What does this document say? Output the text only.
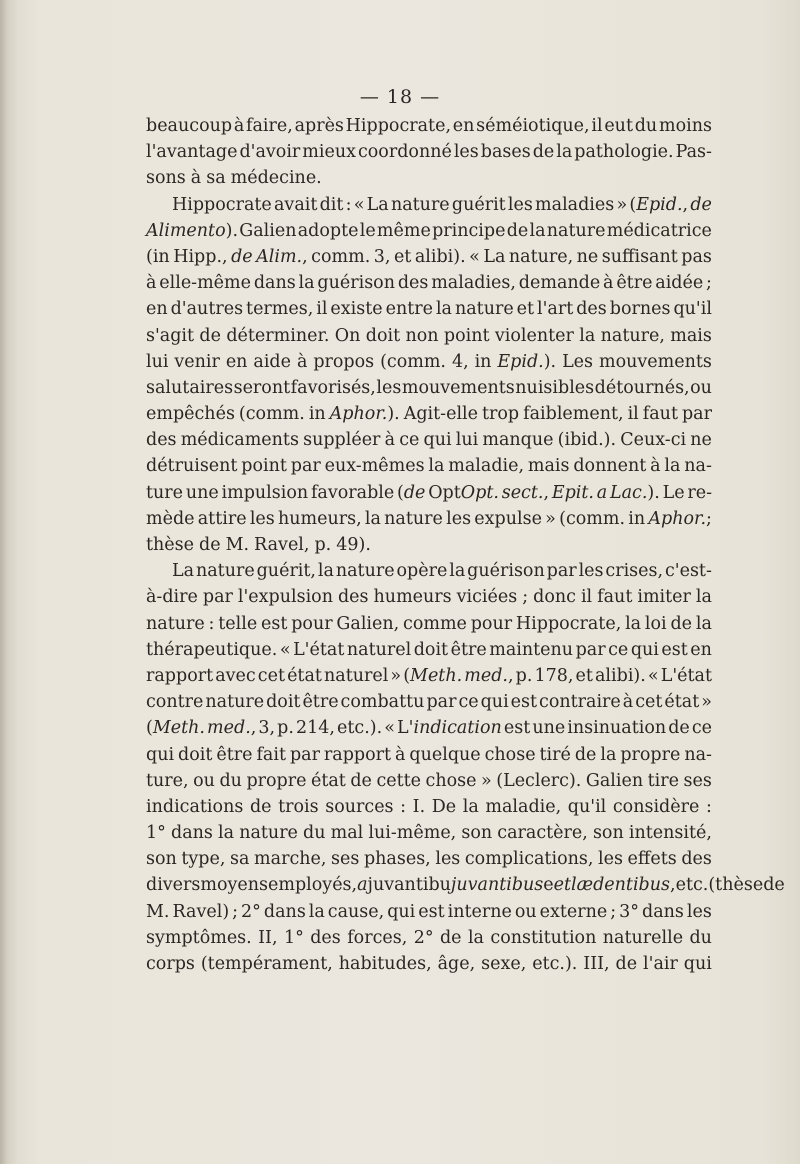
— 18 —
beaucoup à faire, après Hippocrate, en séméiotique, il eut du moins
l'avantage d'avoir mieux coordonné les bases de la pathologie. Pas-
sons à sa médecine.
Hippocrate avait dit : « La nature guérit les maladies » (Epid., de
Alimento). Galien adopte le même principe de la nature médicatrice
(in Hipp., de Alim., comm. 3, et alibi). « La nature, ne suffisant pas
à elle-même dans la guérison des maladies, demande à être aidée ;
en d'autres termes, il existe entre la nature et l'art des bornes qu'il
s'agit de déterminer. On doit non point violenter la nature, mais
lui venir en aide à propos (comm. 4, in Epid.). Les mouvements
salutaires seront favorisés, les mouvements nuisibles détournés, ou
empêchés (comm. in Aphor.). Agit-elle trop faiblement, il faut par
des médicaments suppléer à ce qui lui manque (ibid.). Ceux-ci ne
détruisent point par eux-mêmes la maladie, mais donnent à la na-
ture une impulsion favorable (de OptOpt. sect., Epit. a Lac.). Le re-
mède attire les humeurs, la nature les expulse » (comm. in Aphor.;
thèse de M. Ravel, p. 49).
La nature guérit, la nature opère la guérison par les crises, c'est-
à-dire par l'expulsion des humeurs viciées ; donc il faut imiter la
nature : telle est pour Galien, comme pour Hippocrate, la loi de la
thérapeutique. « L'état naturel doit être maintenu par ce qui est en
rapport avec cet état naturel » (Meth. med., p. 178, et alibi). « L'état
contre nature doit être combattu par ce qui est contraire à cet état »
(Meth. med., 3, p. 214, etc.). « L'indication est une insinuation de ce
qui doit être fait par rapport à quelque chose tiré de la propre na-
ture, ou du propre état de cette chose » (Leclerc). Galien tire ses
indications de trois sources : I. De la maladie, qu'il considère :
1° dans la nature du mal lui-même, son caractère, son intensité,
son type, sa marche, ses phases, les complications, les effets des
divers moyens employés, a juvantibujuvantibus eet lædentibus, etc. (thèse de
M. Ravel) ; 2° dans la cause, qui est interne ou externe ; 3° dans les
symptômes. II, 1° des forces, 2° de la constitution naturelle du
corps (tempérament, habitudes, âge, sexe, etc.). III, de l'air qui
